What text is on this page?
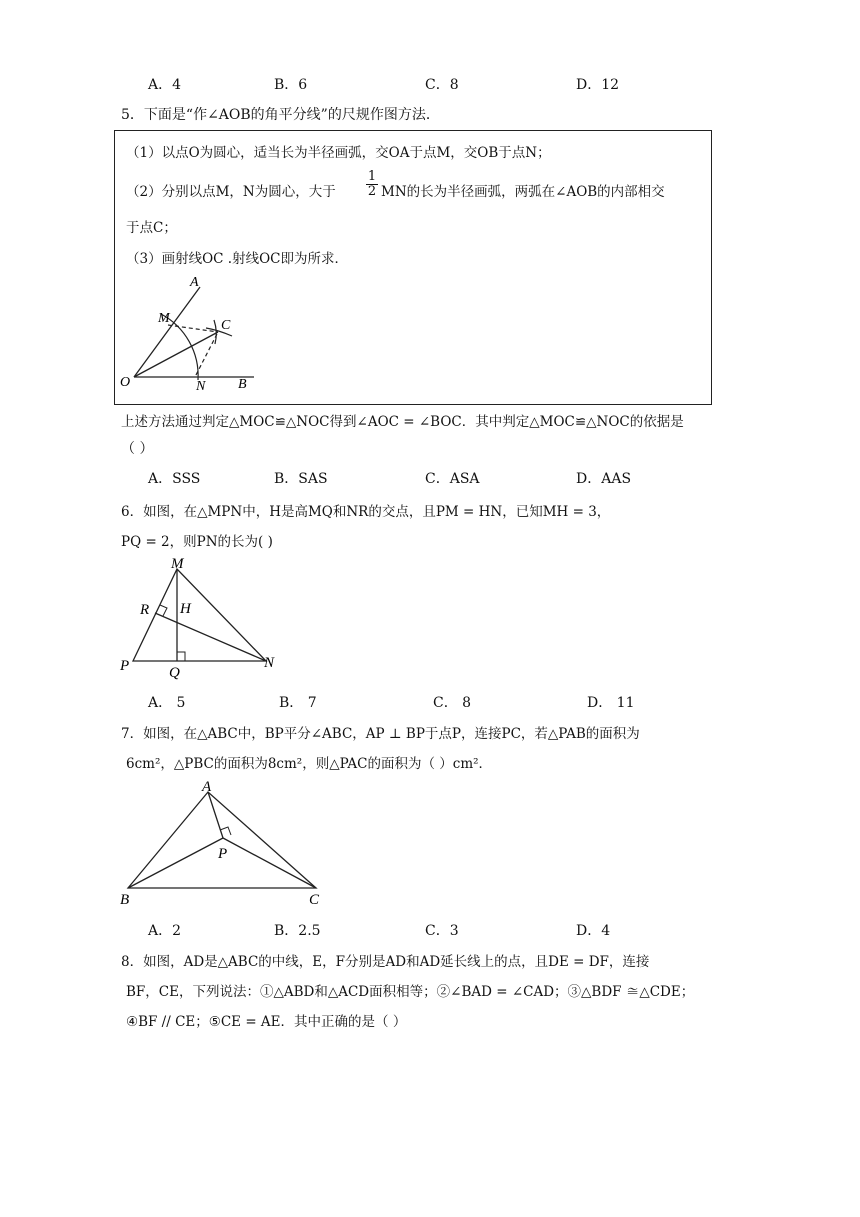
A．4	B．6	C．8	D．12
5．下面是“作∠AOB的角平分线”的尺规作图方法．
（1）以点O为圆心，适当长为半径画弧，交OA于点M，交OB于点N；
（2）分别以点M，N为圆心，大于
1
2 MN的长为半径画弧，两弧在∠AOB的内部相交
于点C；
（3）画射线OC .射线OC即为所求．
A
M	C
O	N B
上述方法通过判定△MOC≌△NOC得到∠AOC = ∠BOC．其中判定△MOC≌△NOC的依据是
（ ）
A．SSS	B．SAS	C．ASA	D．AAS
6．如图，在△MPN中，H是高MQ和NR的交点，且PM = HN，已知MH = 3，
PQ = 2，则PN的长为( )
M
R H
P	Q
N
A． 5	B． 7	C． 8	D． 11
7．如图，在△ABC中，BP平分∠ABC，AP ⊥ BP于点P，连接PC，若△PAB的面积为
6cm²，△PBC的面积为8cm²，则△PAC的面积为（ ）cm²．
A
P
B	C
A．2	B．2.5	C．3	D．4
8．如图，AD是△ABC的中线，E，F分别是AD和AD延长线上的点，且DE = DF，连接
BF，CE，下列说法：①△ABD和△ACD面积相等；②∠BAD = ∠CAD；③△BDF ≅△CDE；
④BF // CE；⑤CE = AE．其中正确的是（ ）
